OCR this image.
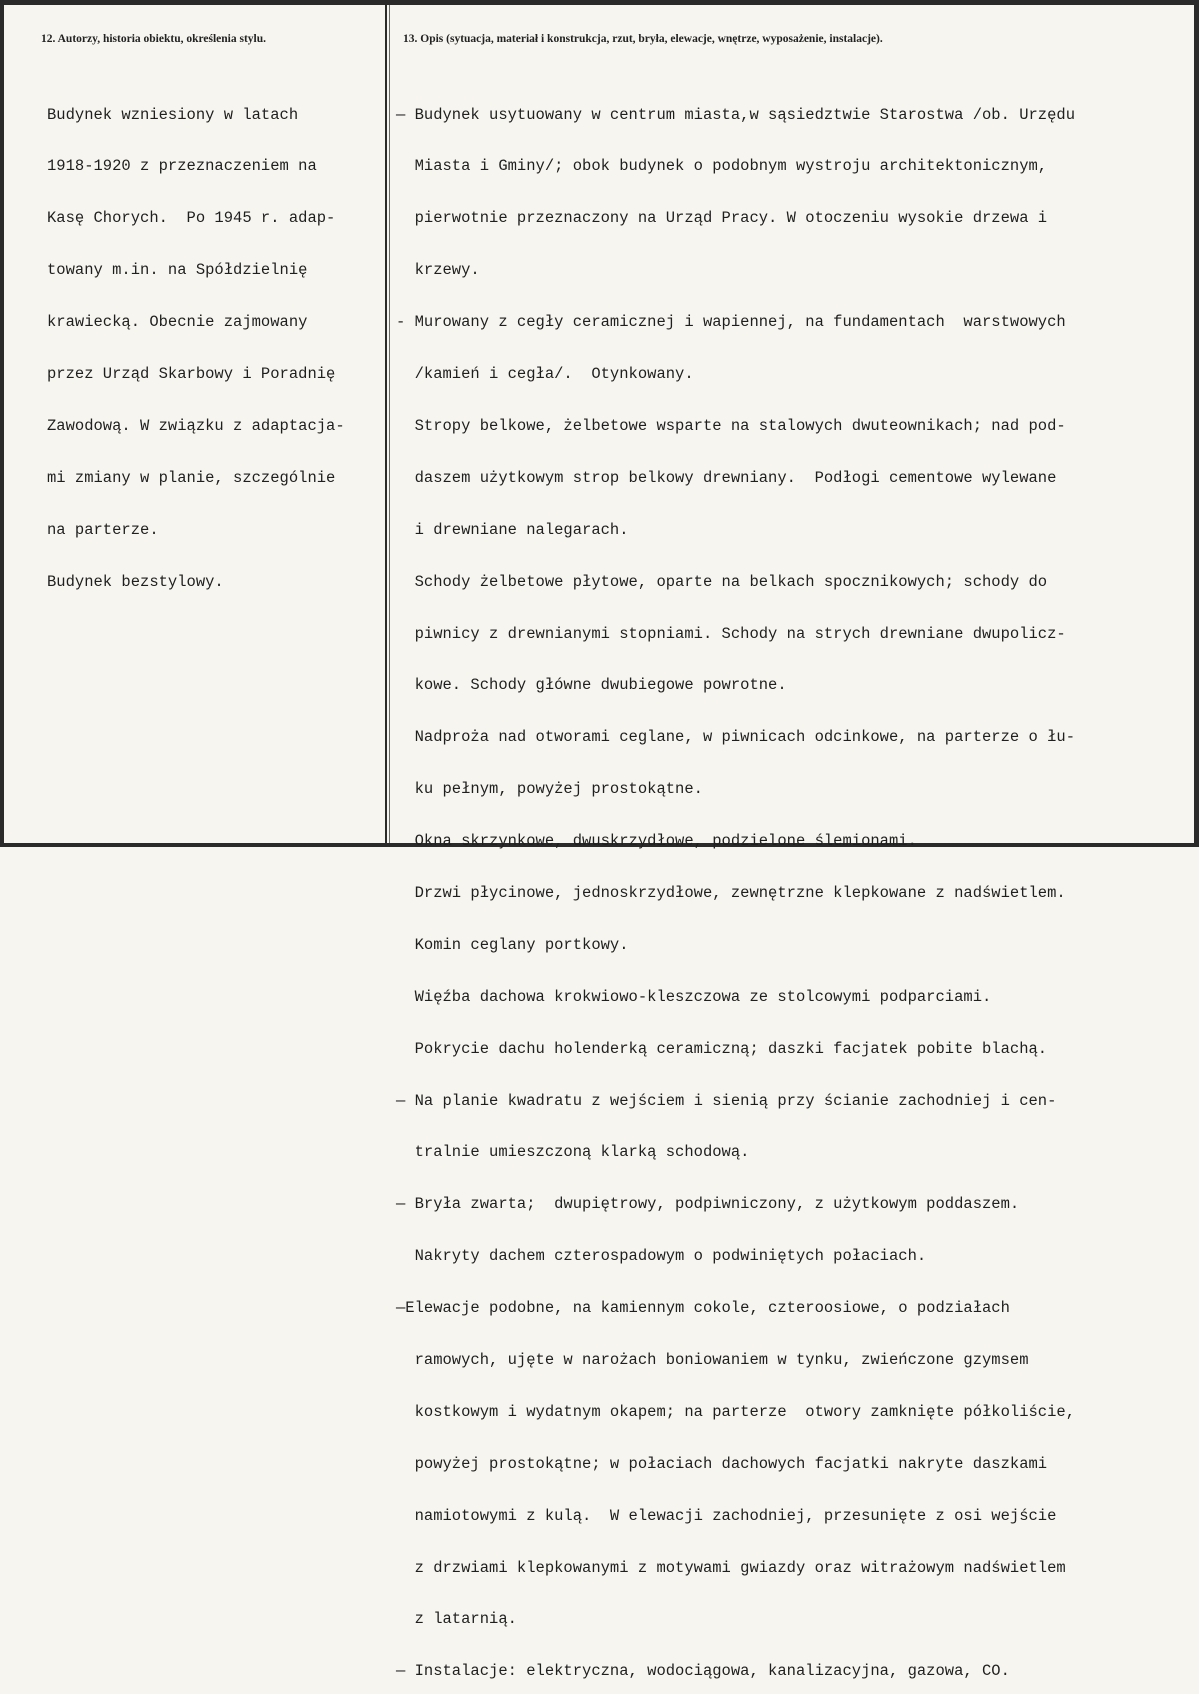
12. Autorzy, historia obiektu, określenia stylu.	13. Opis (sytuacja, materiał i konstrukcja, rzut, bryła, elewacje, wnętrze, wyposażenie, instalacje).

Budynek wzniesiony w latach

1918-1920 z przeznaczeniem na

Kasę Chorych.  Po 1945 r. adap-

towany m.in. na Spółdzielnię

krawiecką. Obecnie zajmowany

przez Urząd Skarbowy i Poradnię

Zawodową. W związku z adaptacja-

mi zmiany w planie, szczególnie

na parterze.

Budynek bezstylowy.

— Budynek usytuowany w centrum miasta,w sąsiedztwie Starostwa /ob. Urzędu

Miasta i Gminy/; obok budynek o podobnym wystroju architektonicznym,

pierwotnie przeznaczony na Urząd Pracy. W otoczeniu wysokie drzewa i

krzewy.

- Murowany z cegły ceramicznej i wapiennej, na fundamentach  warstwowych

/kamień i cegła/.  Otynkowany.

Stropy belkowe, żelbetowe wsparte na stalowych dwuteownikach; nad pod-

daszem użytkowym strop belkowy drewniany.  Podłogi cementowe wylewane

i drewniane nalegarach.

Schody żelbetowe płytowe, oparte na belkach spocznikowych; schody do

piwnicy z drewnianymi stopniami. Schody na strych drewniane dwupolicz-

kowe. Schody główne dwubiegowe powrotne.

Nadproża nad otworami ceglane, w piwnicach odcinkowe, na parterze o łu-

ku pełnym, powyżej prostokątne.

Okna skrzynkowe, dwuskrzydłowe, podzielone ślemionami.

Drzwi płycinowe, jednoskrzydłowe, zewnętrzne klepkowane z nadświetlem.

Komin ceglany portkowy.

Więźba dachowa krokwiowo-kleszczowa ze stolcowymi podparciami.

Pokrycie dachu holenderką ceramiczną; daszki facjatek pobite blachą.

— Na planie kwadratu z wejściem i sienią przy ścianie zachodniej i cen-

tralnie umieszczoną klarką schodową.

— Bryła zwarta;  dwupiętrowy, podpiwniczony, z użytkowym poddaszem.

Nakryty dachem czterospadowym o podwiniętych połaciach.

—Elewacje podobne, na kamiennym cokole, czteroosiowe, o podziałach

ramowych, ujęte w narożach boniowaniem w tynku, zwieńczone gzymsem

kostkowym i wydatnym okapem; na parterze  otwory zamknięte półkoliście,

powyżej prostokątne; w połaciach dachowych facjatki nakryte daszkami

namiotowymi z kulą.  W elewacji zachodniej, przesunięte z osi wejście

z drzwiami klepkowanymi z motywami gwiazdy oraz witrażowym nadświetlem

z latarnią.

— Instalacje: elektryczna, wodociągowa, kanalizacyjna, gazowa, CO.
